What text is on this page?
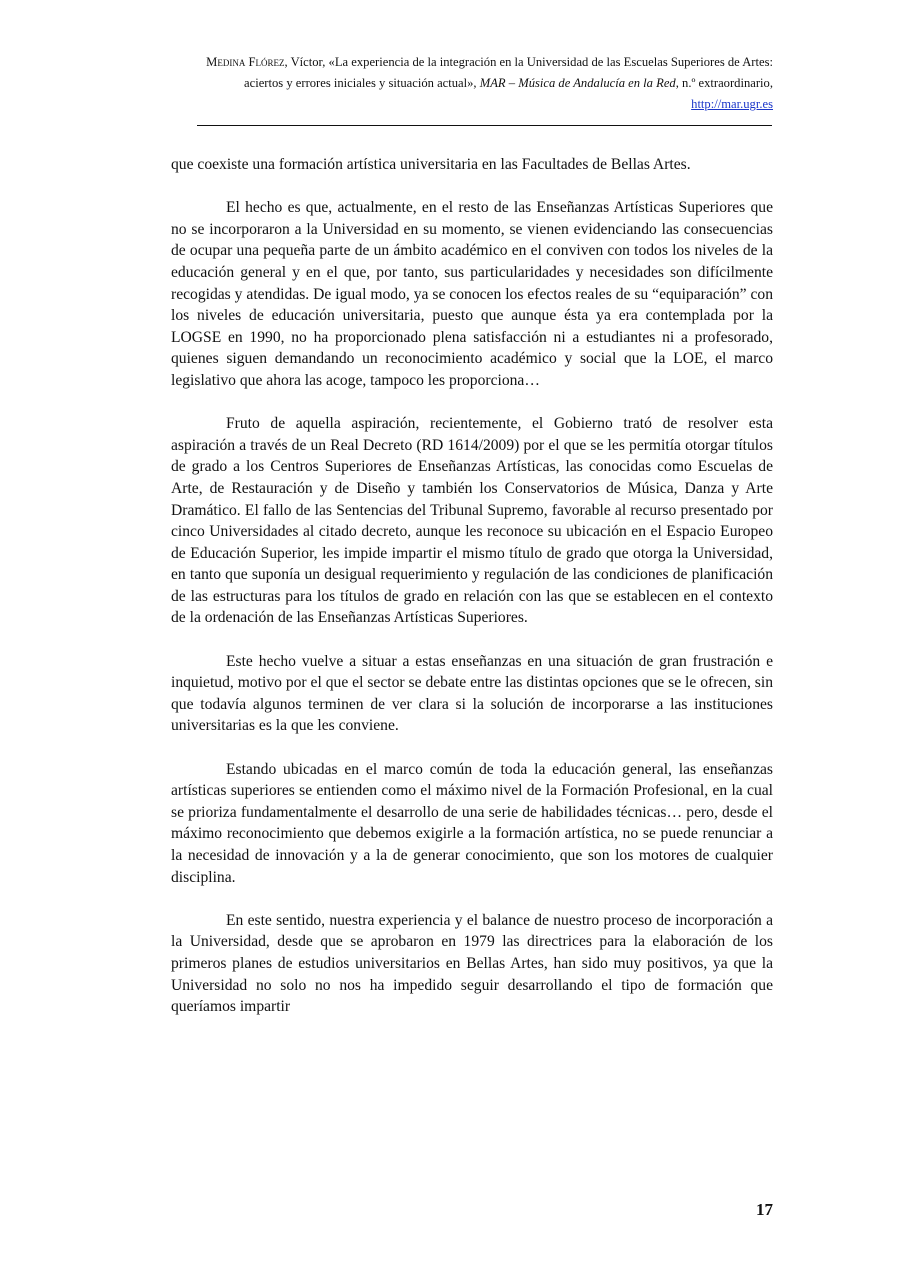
Medina Flórez, Víctor, «La experiencia de la integración en la Universidad de las Escuelas Superiores de Artes: aciertos y errores iniciales y situación actual», MAR – Música de Andalucía en la Red, n.º extraordinario, http://mar.ugr.es

que coexiste una formación artística universitaria en las Facultades de Bellas Artes.

El hecho es que, actualmente, en el resto de las Enseñanzas Artísticas Superiores que no se incorporaron a la Universidad en su momento, se vienen evidenciando las consecuencias de ocupar una pequeña parte de un ámbito académico en el conviven con todos los niveles de la educación general y en el que, por tanto, sus particularidades y necesidades son difícilmente recogidas y atendidas. De igual modo, ya se conocen los efectos reales de su “equiparación” con los niveles de educación universitaria, puesto que aunque ésta ya era contemplada por la LOGSE en 1990, no ha proporcionado plena satisfacción ni a estudiantes ni a profesorado, quienes siguen demandando un reconocimiento académico y social que la LOE, el marco legislativo que ahora las acoge, tampoco les proporciona…

Fruto de aquella aspiración, recientemente, el Gobierno trató de resolver esta aspiración a través de un Real Decreto (RD 1614/2009) por el que se les permitía otorgar títulos de grado a los Centros Superiores de Enseñanzas Artísticas, las conocidas como Escuelas de Arte, de Restauración y de Diseño y también los Conservatorios de Música, Danza y Arte Dramático. El fallo de las Sentencias del Tribunal Supremo, favorable al recurso presentado por cinco Universidades al citado decreto, aunque les reconoce su ubicación en el Espacio Europeo de Educación Superior, les impide impartir el mismo título de grado que otorga la Universidad, en tanto que suponía un desigual requerimiento y regulación de las condiciones de planificación de las estructuras para los títulos de grado en relación con las que se establecen en el contexto de la ordenación de las Enseñanzas Artísticas Superiores.

Este hecho vuelve a situar a estas enseñanzas en una situación de gran frustración e inquietud, motivo por el que el sector se debate entre las distintas opciones que se le ofrecen, sin que todavía algunos terminen de ver clara si la solución de incorporarse a las instituciones universitarias es la que les conviene.

Estando ubicadas en el marco común de toda la educación general, las enseñanzas artísticas superiores se entienden como el máximo nivel de la Formación Profesional, en la cual se prioriza fundamentalmente el desarrollo de una serie de habilidades técnicas… pero, desde el máximo reconocimiento que debemos exigirle a la formación artística, no se puede renunciar a la necesidad de innovación y a la de generar conocimiento, que son los motores de cualquier disciplina.

En este sentido, nuestra experiencia y el balance de nuestro proceso de incorporación a la Universidad, desde que se aprobaron en 1979 las directrices para la elaboración de los primeros planes de estudios universitarios en Bellas Artes, han sido muy positivos, ya que la Universidad no solo no nos ha impedido seguir desarrollando el tipo de formación que queríamos impartir

17
